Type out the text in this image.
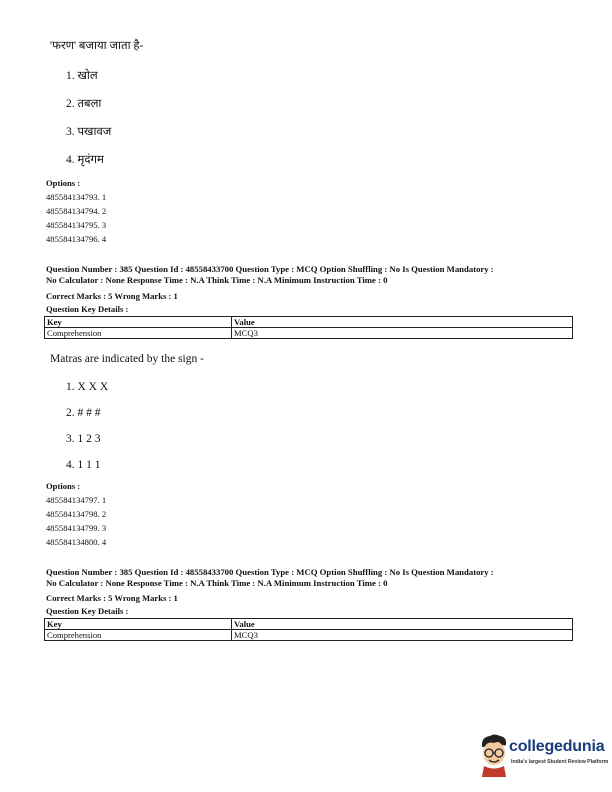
'फरण' बजाया जाता है-
1. खोल
2. तबला
3. पखावज
4. मृदंगम
Options :
485584134793. 1
485584134794. 2
485584134795. 3
485584134796. 4
Question Number : 385 Question Id : 48558433700 Question Type : MCQ Option Shuffling : No Is Question Mandatory :
No Calculator : None Response Time : N.A Think Time : N.A Minimum Instruction Time : 0
Correct Marks : 5 Wrong Marks : 1
Question Key Details :
Key	Value
Comprehension	MCQ3
Matras are indicated by the sign -
1. X X X
2. # # #
3. 1 2 3
4. 1 1 1
Options :
485584134797. 1
485584134798. 2
485584134799. 3
485584134800. 4
Question Number : 385 Question Id : 48558433700 Question Type : MCQ Option Shuffling : No Is Question Mandatory :
No Calculator : None Response Time : N.A Think Time : N.A Minimum Instruction Time : 0
Correct Marks : 5 Wrong Marks : 1
Question Key Details :
Key	Value
Comprehension	MCQ3
collegedunia
India's largest Student Review Platform
